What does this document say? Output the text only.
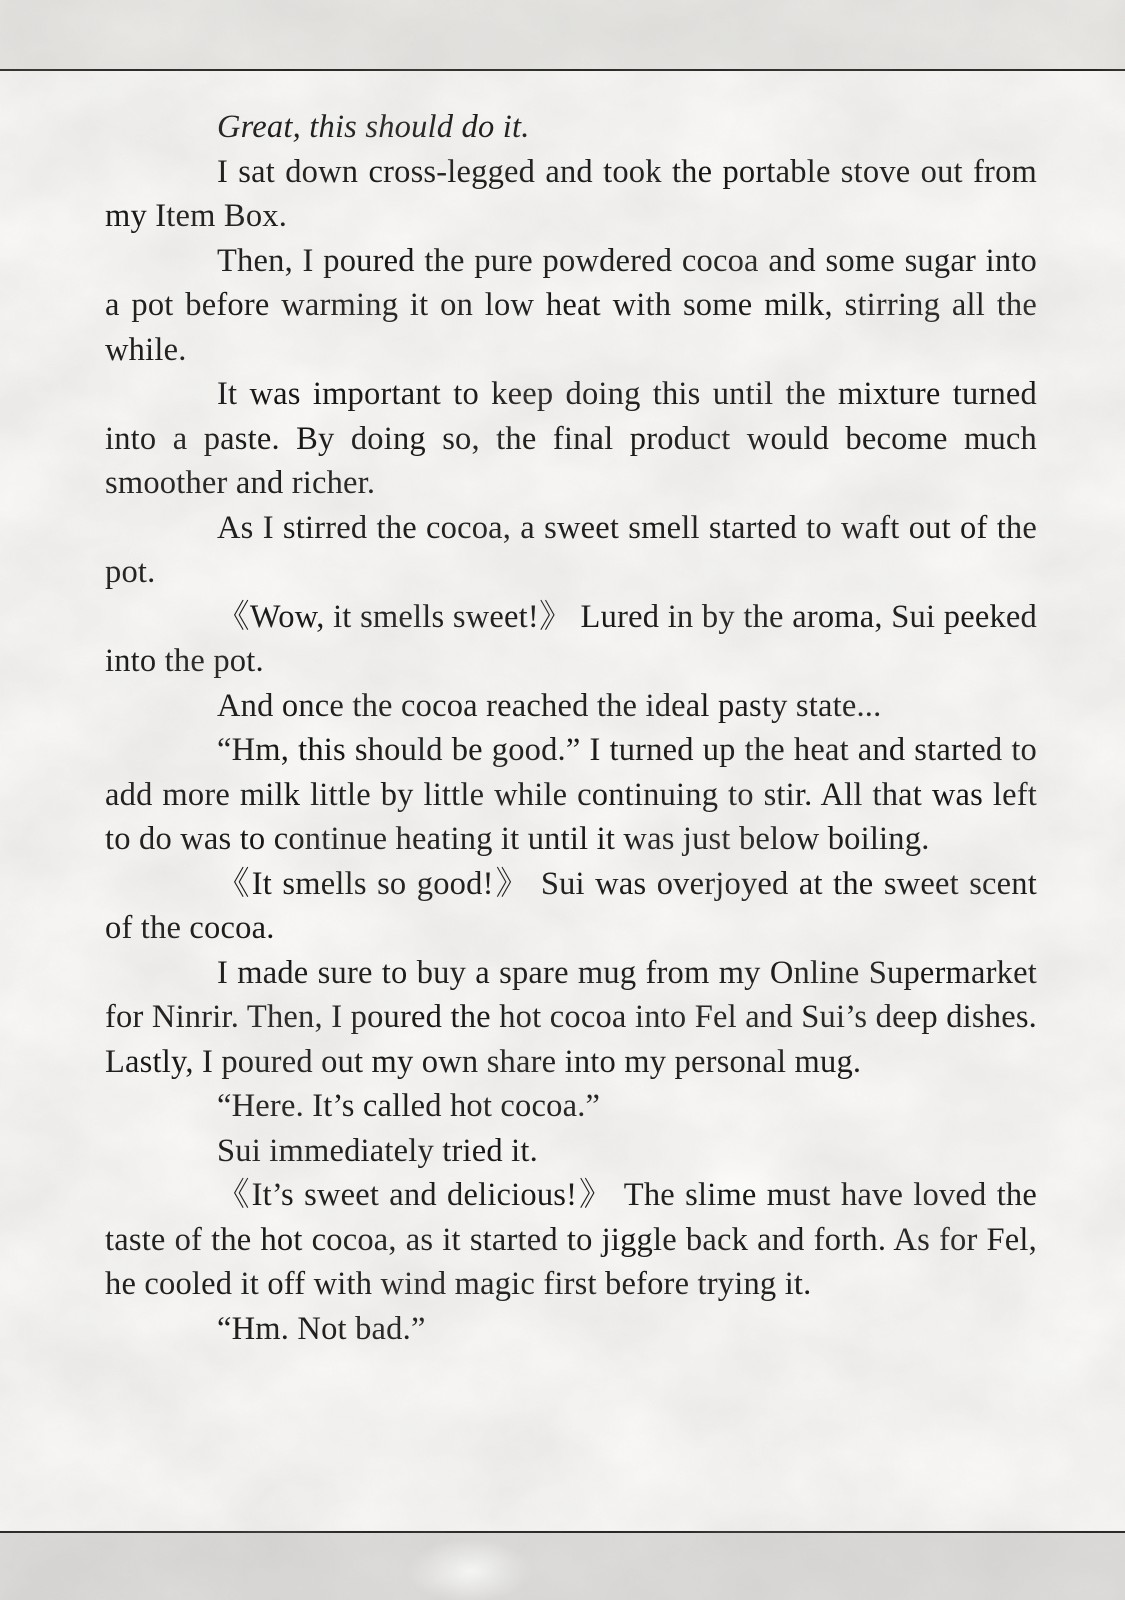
Great, this should do it.

I sat down cross-legged and took the portable stove out from my Item Box.

Then, I poured the pure powdered cocoa and some sugar into a pot before warming it on low heat with some milk, stirring all the while.

It was important to keep doing this until the mixture turned into a paste. By doing so, the final product would become much smoother and richer.

As I stirred the cocoa, a sweet smell started to waft out of the pot.

《Wow, it smells sweet!》 Lured in by the aroma, Sui peeked into the pot.

And once the cocoa reached the ideal pasty state...

“Hm, this should be good.” I turned up the heat and started to add more milk little by little while continuing to stir. All that was left to do was to continue heating it until it was just below boiling.

《It smells so good!》 Sui was overjoyed at the sweet scent of the cocoa.

I made sure to buy a spare mug from my Online Supermarket for Ninrir. Then, I poured the hot cocoa into Fel and Sui’s deep dishes. Lastly, I poured out my own share into my personal mug.

“Here. It’s called hot cocoa.”

Sui immediately tried it.

《It’s sweet and delicious!》 The slime must have loved the taste of the hot cocoa, as it started to jiggle back and forth. As for Fel, he cooled it off with wind magic first before trying it.

“Hm. Not bad.”
